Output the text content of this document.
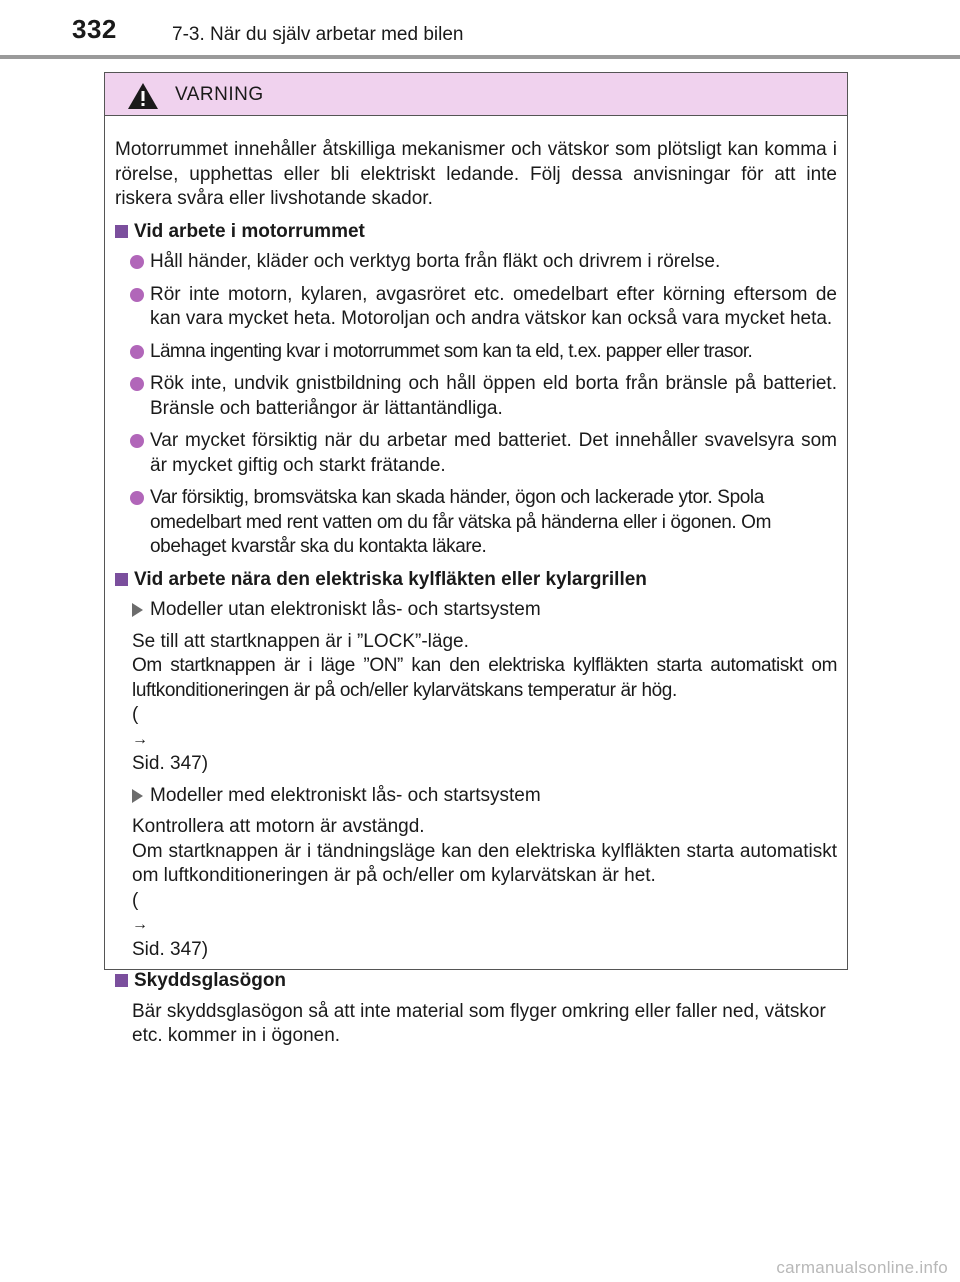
332	7-3. När du själv arbetar med bilen
VARNING

Motorrummet innehåller åtskilliga mekanismer och vätskor som plötsligt kan komma i rörelse, upphettas eller bli elektriskt ledande. Följ dessa anvisningar för att inte riskera svåra eller livshotande skador.

Vid arbete i motorrummet
Håll händer, kläder och verktyg borta från fläkt och drivrem i rörelse.
Rör inte motorn, kylaren, avgasröret etc. omedelbart efter körning eftersom de kan vara mycket heta. Motoroljan och andra vätskor kan också vara mycket heta.
Lämna ingenting kvar i motorrummet som kan ta eld, t.ex. papper eller trasor.
Rök inte, undvik gnistbildning och håll öppen eld borta från bränsle på batteriet. Bränsle och batteriångor är lättantändliga.
Var mycket försiktig när du arbetar med batteriet. Det innehåller svavelsyra som är mycket giftig och starkt frätande.
Var försiktig, bromsvätska kan skada händer, ögon och lackerade ytor. Spola omedelbart med rent vatten om du får vätska på händerna eller i ögonen. Om obehaget kvarstår ska du kontakta läkare.
Vid arbete nära den elektriska kylfläkten eller kylargrillen
Modeller utan elektroniskt lås- och startsystem
Se till att startknappen är i ”LOCK”-läge.
Om startknappen är i läge ”ON” kan den elektriska kylfläkten starta automatiskt om luftkonditioneringen är på och/eller kylarvätskans temperatur är hög.
(
→
Sid. 347)
Modeller med elektroniskt lås- och startsystem
Kontrollera att motorn är avstängd.
Om startknappen är i tändningsläge kan den elektriska kylfläkten starta automatiskt om luftkonditioneringen är på och/eller om kylarvätskan är het.
(
→
Sid. 347)
Skyddsglasögon
Bär skyddsglasögon så att inte material som flyger omkring eller faller ned, vätskor etc. kommer in i ögonen.
carmanualsonline.info
